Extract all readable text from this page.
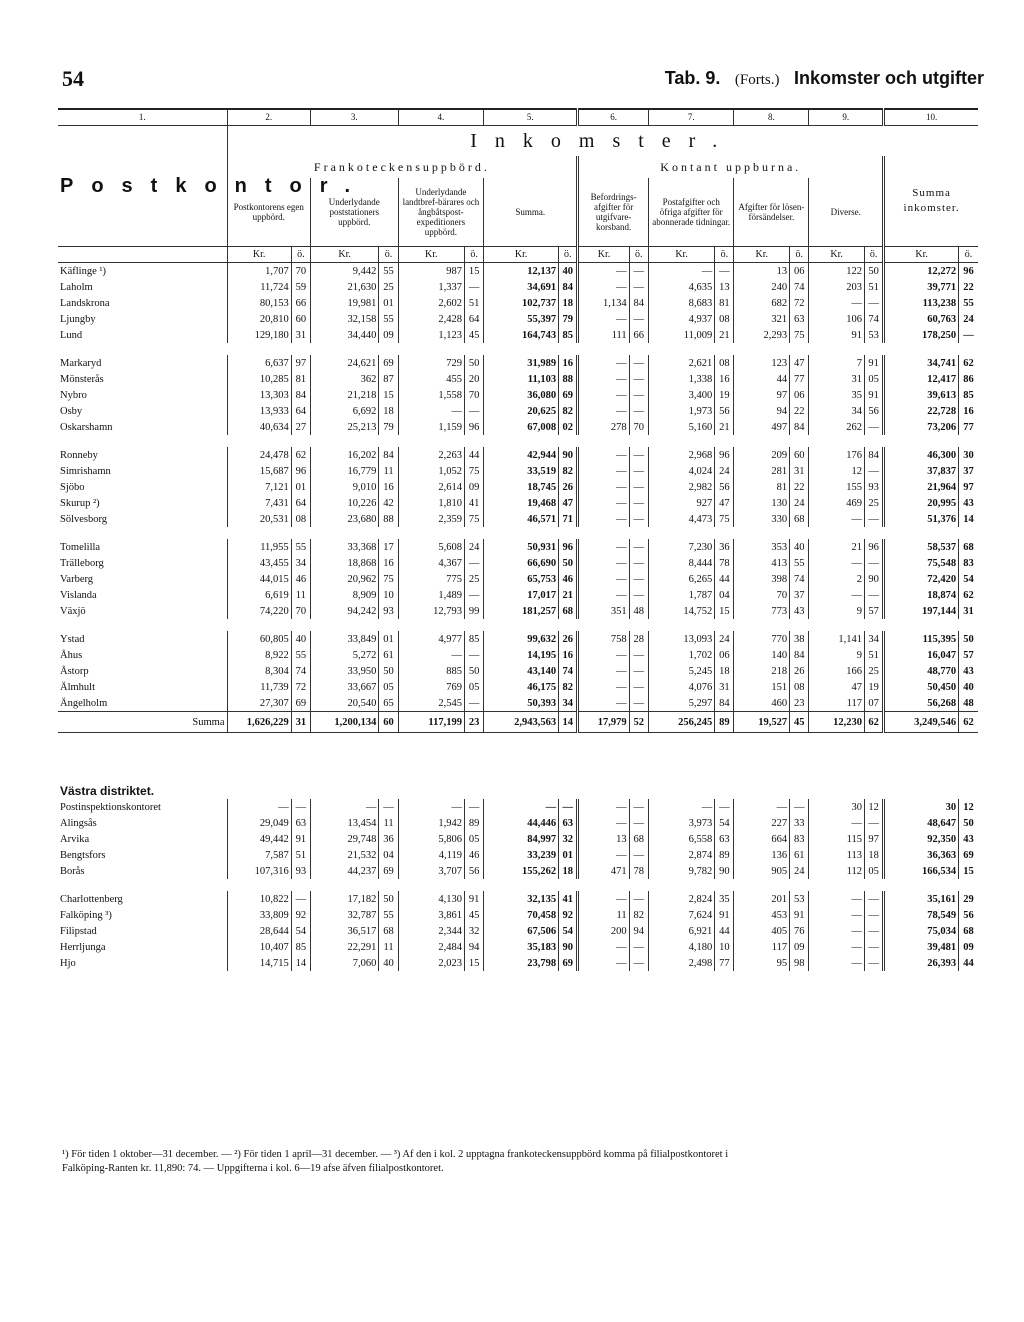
54	Tab. 9. (Forts.) Inkomster och utgifter
1.	2.		3.		4.		5.		6.		7.		8.		9.		10.	
Postkontor.	Inkomster.																	
	Frankoteckensuppbörd.								Kontant uppburna.								Summa inkomster.	
	Postkontorens egen uppbörd.		Underlydande poststationers uppbörd.		Underlydande landtbref-bärares och ångbåtspost-expeditioners uppbörd.		Summa.		Befordrings-afgifter för utgifvare-korsband.		Postafgifter och öfriga afgifter för abonnerade tidningar.		Afgifter för lösen-försändelser.		Diverse.			
	Kr.	ö.	Kr.	ö.	Kr.	ö.	Kr.	ö.	Kr.	ö.	Kr.	ö.	Kr.	ö.	Kr.	ö.	Kr.	ö.
Käflinge ¹)	1,707	70	9,442	55	987	15	12,137	40	—	—	—	—	13	06	122	50	12,272	96
Laholm	11,724	59	21,630	25	1,337	—	34,691	84	—	—	4,635	13	240	74	203	51	39,771	22
Landskrona	80,153	66	19,981	01	2,602	51	102,737	18	1,134	84	8,683	81	682	72	—	—	113,238	55
Ljungby	20,810	60	32,158	55	2,428	64	55,397	79	—	—	4,937	08	321	63	106	74	60,763	24
Lund	129,180	31	34,440	09	1,123	45	164,743	85	111	66	11,009	21	2,293	75	91	53	178,250	—

Markaryd	6,637	97	24,621	69	729	50	31,989	16	—	—	2,621	08	123	47	7	91	34,741	62
Mönsterås	10,285	81	362	87	455	20	11,103	88	—	—	1,338	16	44	77	31	05	12,417	86
Nybro	13,303	84	21,218	15	1,558	70	36,080	69	—	—	3,400	19	97	06	35	91	39,613	85
Osby	13,933	64	6,692	18	—	—	20,625	82	—	—	1,973	56	94	22	34	56	22,728	16
Oskarshamn	40,634	27	25,213	79	1,159	96	67,008	02	278	70	5,160	21	497	84	262	—	73,206	77

Ronneby	24,478	62	16,202	84	2,263	44	42,944	90	—	—	2,968	96	209	60	176	84	46,300	30
Simrishamn	15,687	96	16,779	11	1,052	75	33,519	82	—	—	4,024	24	281	31	12	—	37,837	37
Sjöbo	7,121	01	9,010	16	2,614	09	18,745	26	—	—	2,982	56	81	22	155	93	21,964	97
Skurup ²)	7,431	64	10,226	42	1,810	41	19,468	47	—	—	927	47	130	24	469	25	20,995	43
Sölvesborg	20,531	08	23,680	88	2,359	75	46,571	71	—	—	4,473	75	330	68	—	—	51,376	14

Tomelilla	11,955	55	33,368	17	5,608	24	50,931	96	—	—	7,230	36	353	40	21	96	58,537	68
Trälleborg	43,455	34	18,868	16	4,367	—	66,690	50	—	—	8,444	78	413	55	—	—	75,548	83
Varberg	44,015	46	20,962	75	775	25	65,753	46	—	—	6,265	44	398	74	2	90	72,420	54
Vislanda	6,619	11	8,909	10	1,489	—	17,017	21	—	—	1,787	04	70	37	—	—	18,874	62
Växjö	74,220	70	94,242	93	12,793	99	181,257	68	351	48	14,752	15	773	43	9	57	197,144	31

Ystad	60,805	40	33,849	01	4,977	85	99,632	26	758	28	13,093	24	770	38	1,141	34	115,395	50
Åhus	8,922	55	5,272	61	—	—	14,195	16	—	—	1,702	06	140	84	9	51	16,047	57
Åstorp	8,304	74	33,950	50	885	50	43,140	74	—	—	5,245	18	218	26	166	25	48,770	43
Älmhult	11,739	72	33,667	05	769	05	46,175	82	—	—	4,076	31	151	08	47	19	50,450	40
Ängelholm	27,307	69	20,540	65	2,545	—	50,393	34	—	—	5,297	84	460	23	117	07	56,268	48
Summa	1,626,229	31	1,200,134	60	117,199	23	2,943,563	14	17,979	52	256,245	89	19,527	45	12,230	62	3,249,546	62

Västra distriktet.																		
Postinspektionskontoret	—	—	—	—	—	—	—	—	—	—	—	—	—	—	30	12	30	12
Alingsås	29,049	63	13,454	11	1,942	89	44,446	63	—	—	3,973	54	227	33	—	—	48,647	50
Arvika	49,442	91	29,748	36	5,806	05	84,997	32	13	68	6,558	63	664	83	115	97	92,350	43
Bengtsfors	7,587	51	21,532	04	4,119	46	33,239	01	—	—	2,874	89	136	61	113	18	36,363	69
Borås	107,316	93	44,237	69	3,707	56	155,262	18	471	78	9,782	90	905	24	112	05	166,534	15

Charlottenberg	10,822	—	17,182	50	4,130	91	32,135	41	—	—	2,824	35	201	53	—	—	35,161	29
Falköping ³)	33,809	92	32,787	55	3,861	45	70,458	92	11	82	7,624	91	453	91	—	—	78,549	56
Filipstad	28,644	54	36,517	68	2,344	32	67,506	54	200	94	6,921	44	405	76	—	—	75,034	68
Herrljunga	10,407	85	22,291	11	2,484	94	35,183	90	—	—	4,180	10	117	09	—	—	39,481	09
Hjo	14,715	14	7,060	40	2,023	15	23,798	69	—	—	2,498	77	95	98	—	—	26,393	44
¹) För tiden 1 oktober—31 december. — ²) För tiden 1 april—31 december. — ³) Af den i kol. 2 upptagna frankoteckensuppbörd komma på filialpostkontoret i
Falköping-Ranten kr. 11,890: 74. — Uppgifterna i kol. 6—19 afse äfven filialpostkontoret.
